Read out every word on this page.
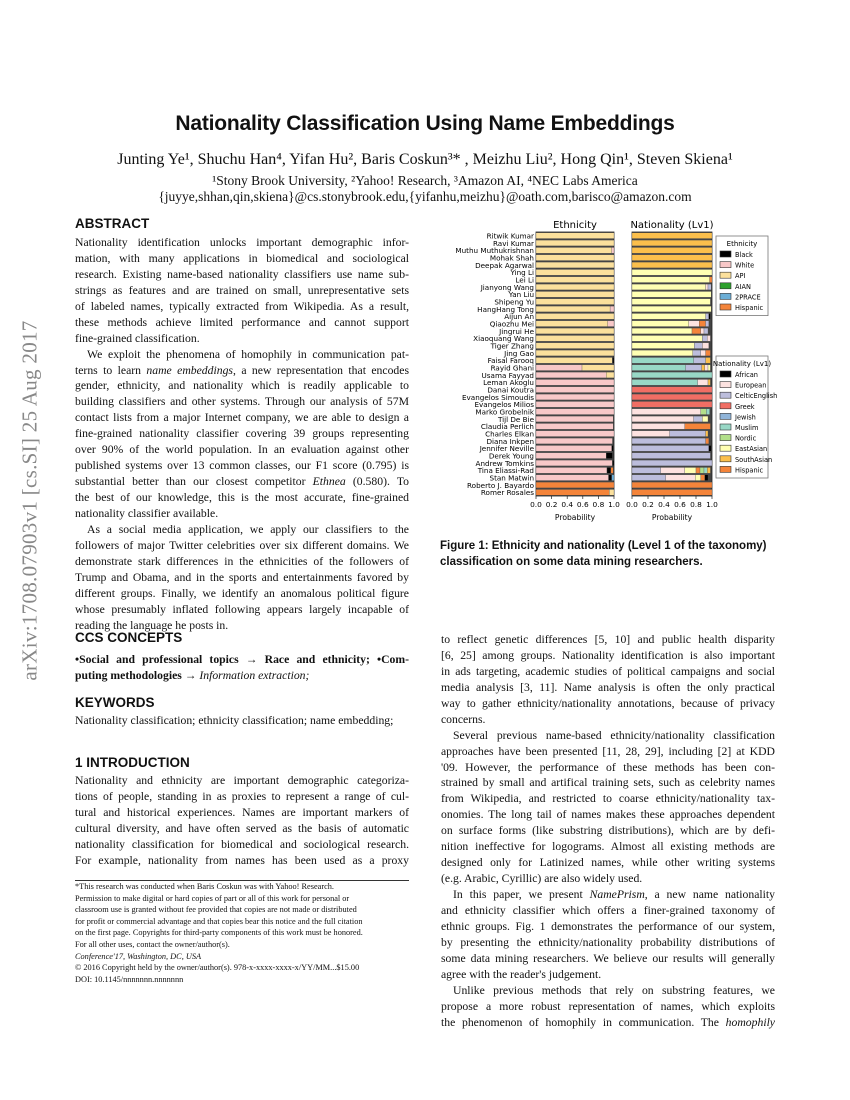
arXiv:1708.07903v1 [cs.SI] 25 Aug 2017
Nationality Classification Using Name Embeddings
Junting Ye¹, Shuchu Han⁴, Yifan Hu², Baris Coskun³* , Meizhu Liu², Hong Qin¹, Steven Skiena¹
¹Stony Brook University, ²Yahoo! Research, ³Amazon AI, ⁴NEC Labs America
{juyye,shhan,qin,skiena}@cs.stonybrook.edu,{yifanhu,meizhu}@oath.com,barisco@amazon.com
ABSTRACT
Nationality identification unlocks important demographic infor-
mation, with many applications in biomedical and sociological
research. Existing name-based nationality classifiers use name sub-
strings as features and are trained on small, unrepresentative sets
of labeled names, typically extracted from Wikipedia. As a result,
these methods achieve limited performance and cannot support
fine-grained classification.
We exploit the phenomena of homophily in communication pat-
terns to learn name embeddings, a new representation that encodes
gender, ethnicity, and nationality which is readily applicable to
building classifiers and other systems. Through our analysis of 57M
contact lists from a major Internet company, we are able to design a
fine-grained nationality classifier covering 39 groups representing
over 90% of the world population. In an evaluation against other
published systems over 13 common classes, our F1 score (0.795) is
substantial better than our closest competitor Ethnea (0.580). To
the best of our knowledge, this is the most accurate, fine-grained
nationality classifier available.
As a social media application, we apply our classifiers to the
followers of major Twitter celebrities over six different domains. We
demonstrate stark differences in the ethnicities of the followers of
Trump and Obama, and in the sports and entertainments favored by
different groups. Finally, we identify an anomalous political figure
whose presumably inflated following appears largely incapable of
reading the language he posts in.
CCS CONCEPTS
•Social and professional topics → Race and ethnicity; •Com-
puting methodologies → Information extraction;
KEYWORDS
Nationality classification; ethnicity classification; name embedding;
1 INTRODUCTION
Nationality and ethnicity are important demographic categoriza-
tions of people, standing in as proxies to represent a range of cul-
tural and historical experiences. Names are important markers of
cultural diversity, and have often served as the basis of automatic
nationality classification for biomedical and sociological research.
For example, nationality from names has been used as a proxy
*This research was conducted when Baris Coskun was with Yahoo! Research.
Permission to make digital or hard copies of part or all of this work for personal or
classroom use is granted without fee provided that copies are not made or distributed
for profit or commercial advantage and that copies bear this notice and the full citation
on the first page. Copyrights for third-party components of this work must be honored.
For all other uses, contact the owner/author(s).
Conference'17, Washington, DC, USA
© 2016 Copyright held by the owner/author(s). 978-x-xxxx-xxxx-x/YY/MM...$15.00
DOI: 10.1145/nnnnnnn.nnnnnnn
Ethnicity
Ritwik Kumar
Ravi Kumar
Muthu Muthukrishnan
Mohak Shah
Deepak Agarwal
Ying Li
Lei Li
Jianyong Wang
Yan Liu
Shipeng Yu
HangHang Tong
Aijun An
Qiaozhu Mei
Jingrui He
Xiaoquang Wang
Tiger Zhang
Jing Gao
Faisal Farooq
Rayid Ghani
Usama Fayyad
Leman Akoglu
Danai Koutra
Evangelos Simoudis
Evangelos Milios
Marko Grobelnik
Tijl De Bie
Claudia Perlich
Charles Elkan
Diana Inkpen
Jennifer Neville
Derek Young
Andrew Tomkins
Tina Eliassi-Rad
Stan Matwin
Roberto J. Bayardo
Romer Rosales
0.0 0.2 0.4 0.6 0.8 1.0
Probability
Nationality (Lv1)
0.0 0.2 0.4 0.6 0.8 1.0
Probability
Ethnicity
Black
White
API
AIAN
2PRACE
Hispanic
Nationality (Lv1)
African
European
CelticEnglish
Greek
Jewish
Muslim
Nordic
EastAsian
SouthAsian
Hispanic
Figure 1: Ethnicity and nationality (Level 1 of the taxonomy) classification on some data mining researchers.
to reflect genetic differences [5, 10] and public health disparity
[6, 25] among groups. Nationality identification is also important
in ads targeting, academic studies of political campaigns and social
media analysis [3, 11]. Name analysis is often the only practical
way to gather ethnicity/nationality annotations, because of privacy
concerns.
Several previous name-based ethnicity/nationality classification
approaches have been presented [11, 28, 29], including [2] at KDD
'09. However, the performance of these methods has been con-
strained by small and artifical training sets, such as celebrity names
from Wikipedia, and restricted to coarse ethnicity/nationality tax-
onomies. The long tail of names makes these approaches dependent
on surface forms (like substring distributions), which are by defi-
nition ineffective for logograms. Almost all existing methods are
designed only for Latinized names, while other writing systems
(e.g. Arabic, Cyrillic) are also widely used.
In this paper, we present NamePrism, a new name nationality
and ethnicity classifier which offers a finer-grained taxonomy of
ethnic groups. Fig. 1 demonstrates the performance of our system,
by presenting the ethnicity/nationality probability distributions of
some data mining researchers. We believe our results will generally
agree with the reader's judgement.
Unlike previous methods that rely on substring features, we
propose a more robust representation of names, which exploits
the phenomenon of homophily in communication. The homophily
